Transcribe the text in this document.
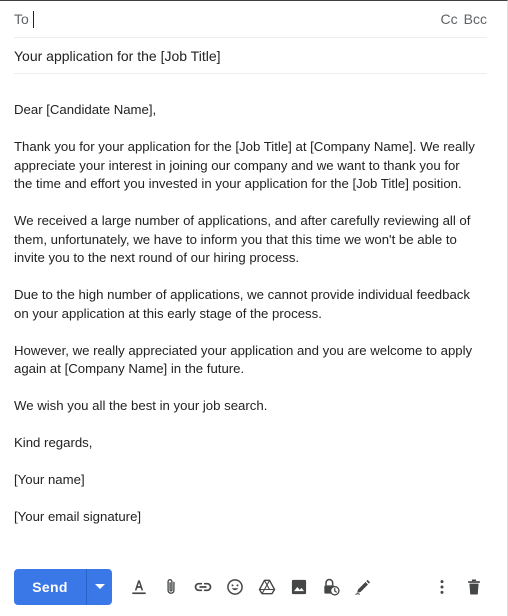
To	Cc Bcc
Your application for the [Job Title]

Dear [Candidate Name],

Thank you for your application for the [Job Title] at [Company Name]. We really appreciate your interest in joining our company and we want to thank you for the time and effort you invested in your application for the [Job Title] position.

We received a large number of applications, and after carefully reviewing all of them, unfortunately, we have to inform you that this time we won't be able to invite you to the next round of our hiring process.

Due to the high number of applications, we cannot provide individual feedback on your application at this early stage of the process.

However, we really appreciated your application and you are welcome to apply again at [Company Name] in the future.

We wish you all the best in your job search.

Kind regards,

[Your name]

[Your email signature]

Send
